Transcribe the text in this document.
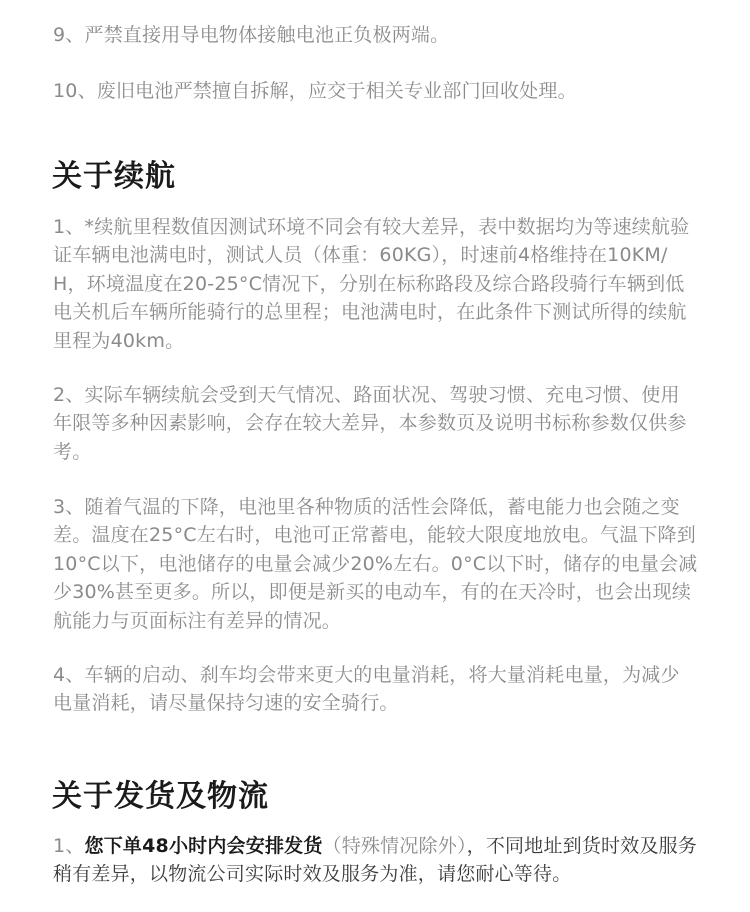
9、严禁直接用导电物体接触电池正负极两端。

10、废旧电池严禁擅自拆解，应交于相关专业部门回收处理。

关于续航

1、*续航里程数值因测试环境不同会有较大差异，表中数据均为等速续航验证车辆电池满电时，测试人员（体重：60KG），时速前4格维持在10KM/H，环境温度在20-25°C情况下，分别在标称路段及综合路段骑行车辆到低电关机后车辆所能骑行的总里程；电池满电时，在此条件下测试所得的续航里程为40km。

2、实际车辆续航会受到天气情况、路面状况、驾驶习惯、充电习惯、使用年限等多种因素影响，会存在较大差异，本参数页及说明书标称参数仅供参考。

3、随着气温的下降，电池里各种物质的活性会降低，蓄电能力也会随之变差。温度在25°C左右时，电池可正常蓄电，能较大限度地放电。气温下降到10°C以下，电池储存的电量会减少20%左右。0°C以下时，储存的电量会减少30%甚至更多。所以，即便是新买的电动车，有的在天冷时，也会出现续航能力与页面标注有差异的情况。

4、车辆的启动、刹车均会带来更大的电量消耗，将大量消耗电量，为减少电量消耗，请尽量保持匀速的安全骑行。

关于发货及物流

1、您下单48小时内会安排发货（特殊情况除外），不同地址到货时效及服务稍有差异，以物流公司实际时效及服务为准，请您耐心等待。
